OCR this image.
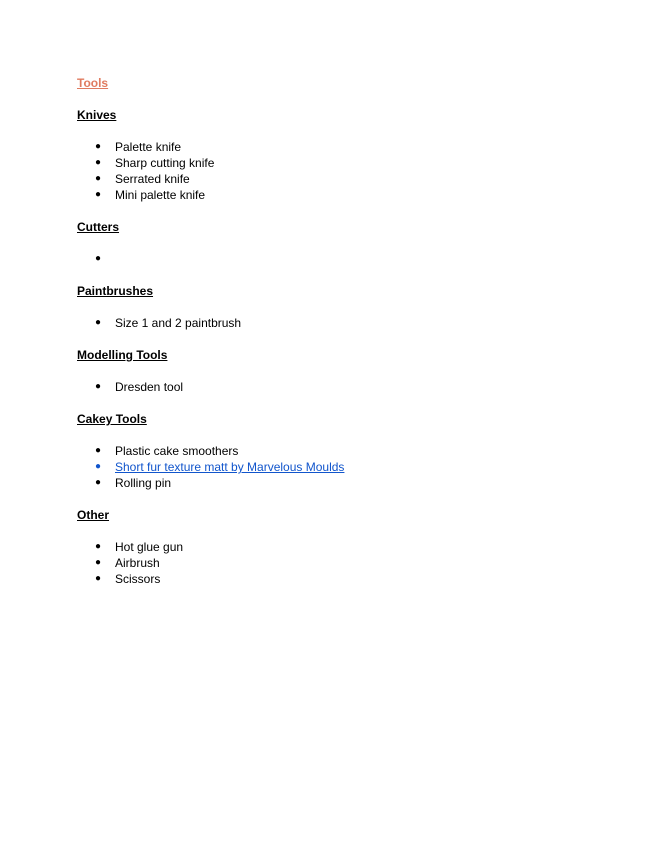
Tools

Knives

●	Palette knife
●	Sharp cutting knife
●	Serrated knife
●	Mini palette knife

Cutters

●

Paintbrushes

●	Size 1 and 2 paintbrush

Modelling Tools

●	Dresden tool

Cakey Tools

●	Plastic cake smoothers
●	Short fur texture matt by Marvelous Moulds
●	Rolling pin

Other

●	Hot glue gun
●	Airbrush
●	Scissors
